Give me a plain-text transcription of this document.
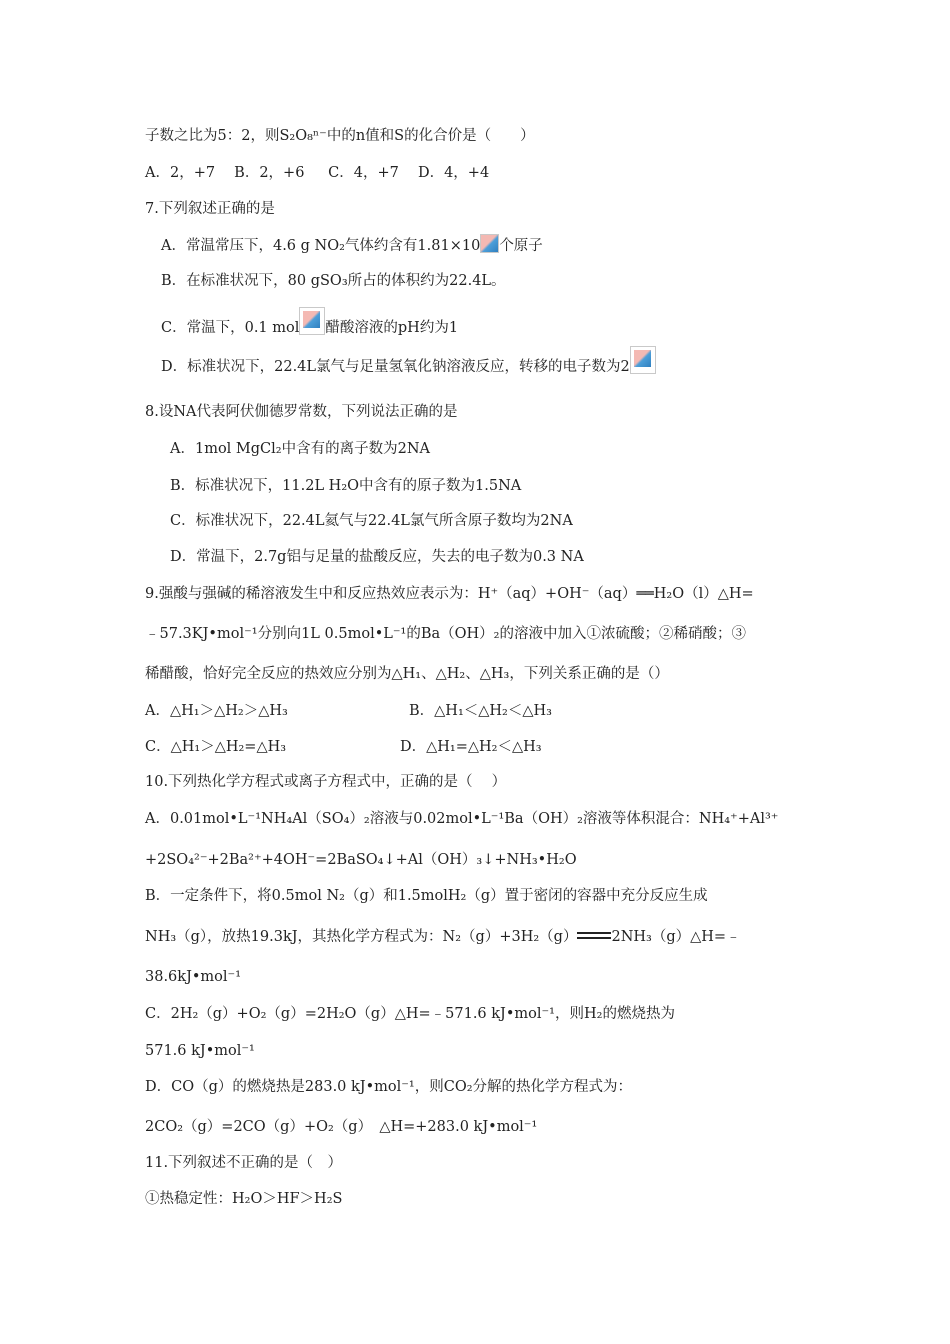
子数之比为5：2，则S₂O₈ⁿ⁻中的n值和S的化合价是（　　）
A．2，+7　 B．2，+6 　 C．4，+7 　D．4，+4
7.下列叙述正确的是
A．常温常压下，4.6 g NO₂气体约含有1.81×10 个原子
B．在标准状况下，80 gSO₃所占的体积约为22.4L。
C．常温下，0.1 mol 醋酸溶液的pH约为1
D．标准状况下，22.4L氯气与足量氢氧化钠溶液反应，转移的电子数为2
8.设NA代表阿伏伽德罗常数，下列说法正确的是
A．1mol MgCl₂中含有的离子数为2NA
B．标准状况下，11.2L H₂O中含有的原子数为1.5NA
C．标准状况下，22.4L氦气与22.4L氯气所含原子数均为2NA
D．常温下，2.7g铝与足量的盐酸反应，失去的电子数为0.3 NA
9.强酸与强碱的稀溶液发生中和反应热效应表示为：H⁺（aq）+OH⁻（aq）══H₂O（l）△H=
﹣57.3KJ•mol⁻¹分别向1L 0.5mol•L⁻¹的Ba（OH）₂的溶液中加入①浓硫酸；②稀硝酸；③
稀醋酸，恰好完全反应的热效应分别为△H₁、△H₂、△H₃，下列关系正确的是（）
A．△H₁＞△H₂＞△H₃	B．△H₁＜△H₂＜△H₃
C．△H₁＞△H₂=△H₃	D．△H₁=△H₂＜△H₃
10.下列热化学方程式或离子方程式中，正确的是（　 ）
A．0.01mol•L⁻¹NH₄Al（SO₄）₂溶液与0.02mol•L⁻¹Ba（OH）₂溶液等体积混合：NH₄⁺+Al³⁺
+2SO₄²⁻+2Ba²⁺+4OH⁻=2BaSO₄↓+Al（OH）₃↓+NH₃•H₂O
B．一定条件下，将0.5mol N₂（g）和1.5molH₂（g）置于密闭的容器中充分反应生成
NH₃（g），放热19.3kJ，其热化学方程式为：N₂（g）+3H₂（g） 2NH₃（g）△H=﹣
38.6kJ•mol⁻¹
C．2H₂（g）+O₂（g）=2H₂O（g）△H=﹣571.6 kJ•mol⁻¹，则H₂的燃烧热为
571.6 kJ•mol⁻¹
D．CO（g）的燃烧热是283.0 kJ•mol⁻¹，则CO₂分解的热化学方程式为：
2CO₂（g）=2CO（g）+O₂（g）　△H=+283.0 kJ•mol⁻¹
11.下列叙述不正确的是（　）
①热稳定性：H₂O＞HF＞H₂S
